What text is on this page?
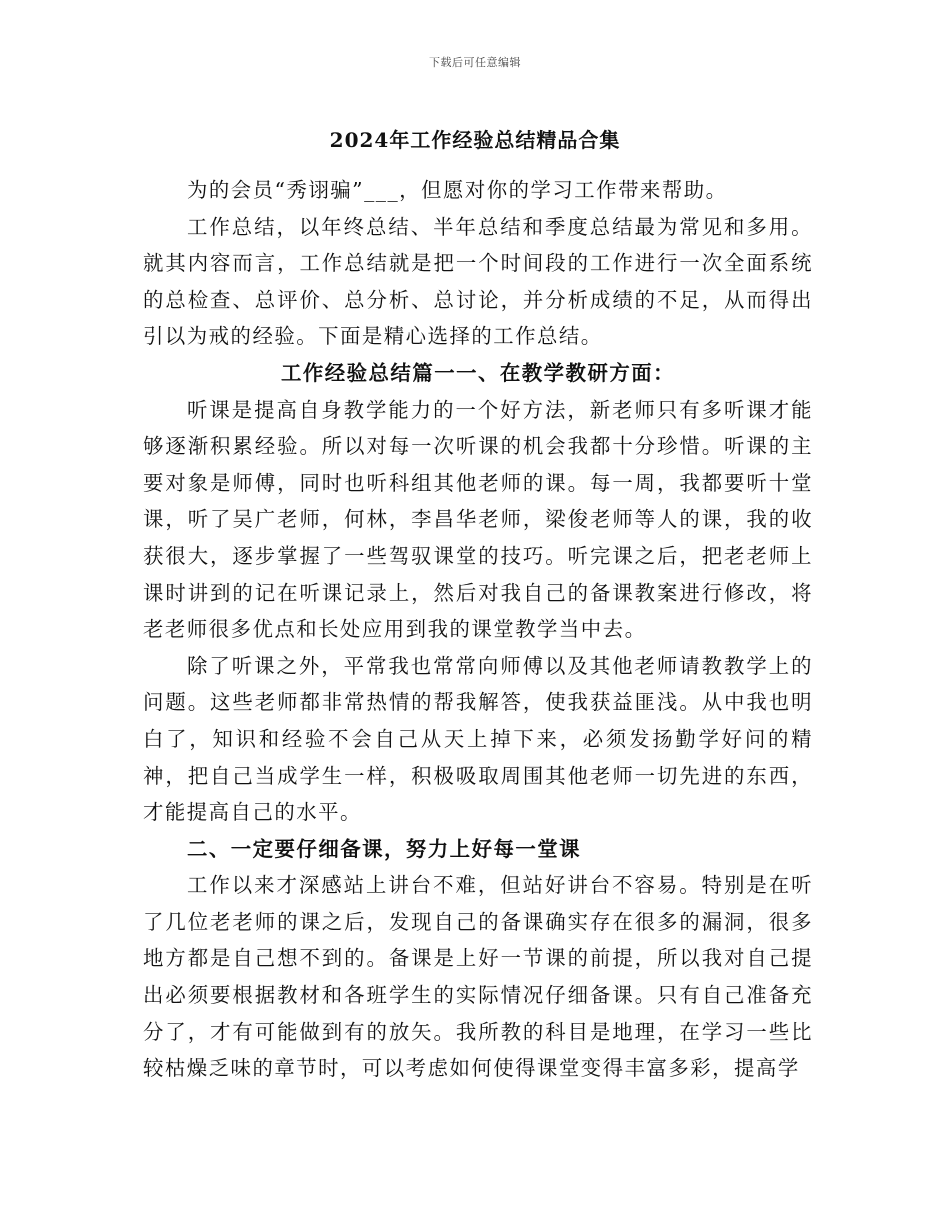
下载后可任意编辑
2024年工作经验总结精品合集

为的会员“秀诩骗”___，但愿对你的学习工作带来帮助。

工作总结，以年终总结、半年总结和季度总结最为常见和多用。就其内容而言，工作总结就是把一个时间段的工作进行一次全面系统的总检查、总评价、总分析、总讨论，并分析成绩的不足，从而得出引以为戒的经验。下面是精心选择的工作总结。

工作经验总结篇一一、在教学教研方面：

听课是提高自身教学能力的一个好方法，新老师只有多听课才能够逐渐积累经验。所以对每一次听课的机会我都十分珍惜。听课的主要对象是师傅，同时也听科组其他老师的课。每一周，我都要听十堂课，听了吴广老师，何林，李昌华老师，梁俊老师等人的课，我的收获很大，逐步掌握了一些驾驭课堂的技巧。听完课之后，把老老师上课时讲到的记在听课记录上，然后对我自己的备课教案进行修改，将老老师很多优点和长处应用到我的课堂教学当中去。

除了听课之外，平常我也常常向师傅以及其他老师请教教学上的问题。这些老师都非常热情的帮我解答，使我获益匪浅。从中我也明白了，知识和经验不会自己从天上掉下来，必须发扬勤学好问的精神，把自己当成学生一样，积极吸取周围其他老师一切先进的东西，才能提高自己的水平。

二、一定要仔细备课，努力上好每一堂课

工作以来才深感站上讲台不难，但站好讲台不容易。特别是在听了几位老老师的课之后，发现自己的备课确实存在很多的漏洞，很多地方都是自己想不到的。备课是上好一节课的前提，所以我对自己提出必须要根据教材和各班学生的实际情况仔细备课。只有自己准备充分了，才有可能做到有的放矢。我所教的科目是地理，在学习一些比较枯燥乏味的章节时，可以考虑如何使得课堂变得丰富多彩，提高学
